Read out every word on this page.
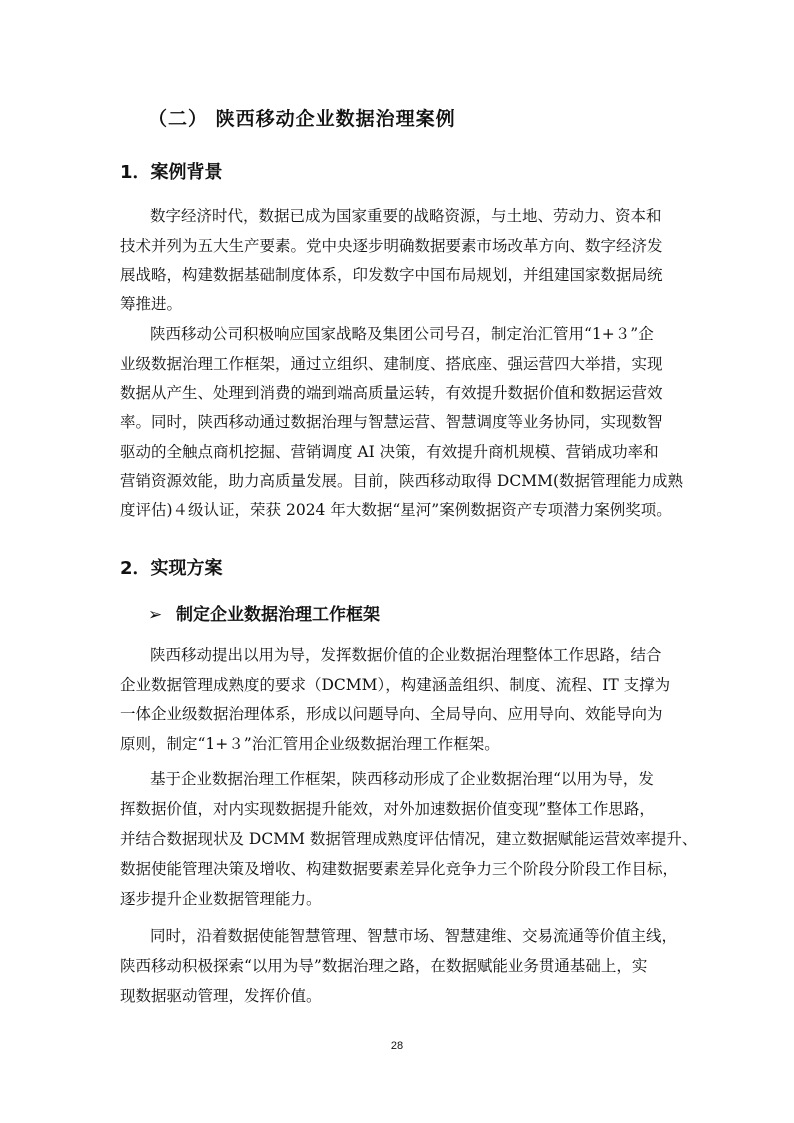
（二） 陕西移动企业数据治理案例
1．案例背景
数字经济时代，数据已成为国家重要的战略资源，与土地、劳动力、资本和
技术并列为五大生产要素。党中央逐步明确数据要素市场改革方向、数字经济发
展战略，构建数据基础制度体系，印发数字中国布局规划，并组建国家数据局统
筹推进。
陕西移动公司积极响应国家战略及集团公司号召，制定治汇管用“1+３”企
业级数据治理工作框架，通过立组织、建制度、搭底座、强运营四大举措，实现
数据从产生、处理到消费的端到端高质量运转，有效提升数据价值和数据运营效
率。同时，陕西移动通过数据治理与智慧运营、智慧调度等业务协同，实现数智
驱动的全触点商机挖掘、营销调度 AI 决策，有效提升商机规模、营销成功率和
营销资源效能，助力高质量发展。目前，陕西移动取得 DCMM(数据管理能力成熟
度评估)４级认证，荣获 2024 年大数据“星河”案例数据资产专项潜力案例奖项。
2．实现方案
➢ 制定企业数据治理工作框架
陕西移动提出以用为导，发挥数据价值的企业数据治理整体工作思路，结合
企业数据管理成熟度的要求（DCMM），构建涵盖组织、制度、流程、IT 支撑为
一体企业级数据治理体系，形成以问题导向、全局导向、应用导向、效能导向为
原则，制定“1+３”治汇管用企业级数据治理工作框架。
基于企业数据治理工作框架，陕西移动形成了企业数据治理“以用为导，发
挥数据价值，对内实现数据提升能效，对外加速数据价值变现”整体工作思路，
并结合数据现状及 DCMM 数据管理成熟度评估情况，建立数据赋能运营效率提升、
数据使能管理决策及增收、构建数据要素差异化竞争力三个阶段分阶段工作目标，
逐步提升企业数据管理能力。
同时，沿着数据使能智慧管理、智慧市场、智慧建维、交易流通等价值主线，
陕西移动积极探索“以用为导”数据治理之路，在数据赋能业务贯通基础上，实
现数据驱动管理，发挥价值。
28
